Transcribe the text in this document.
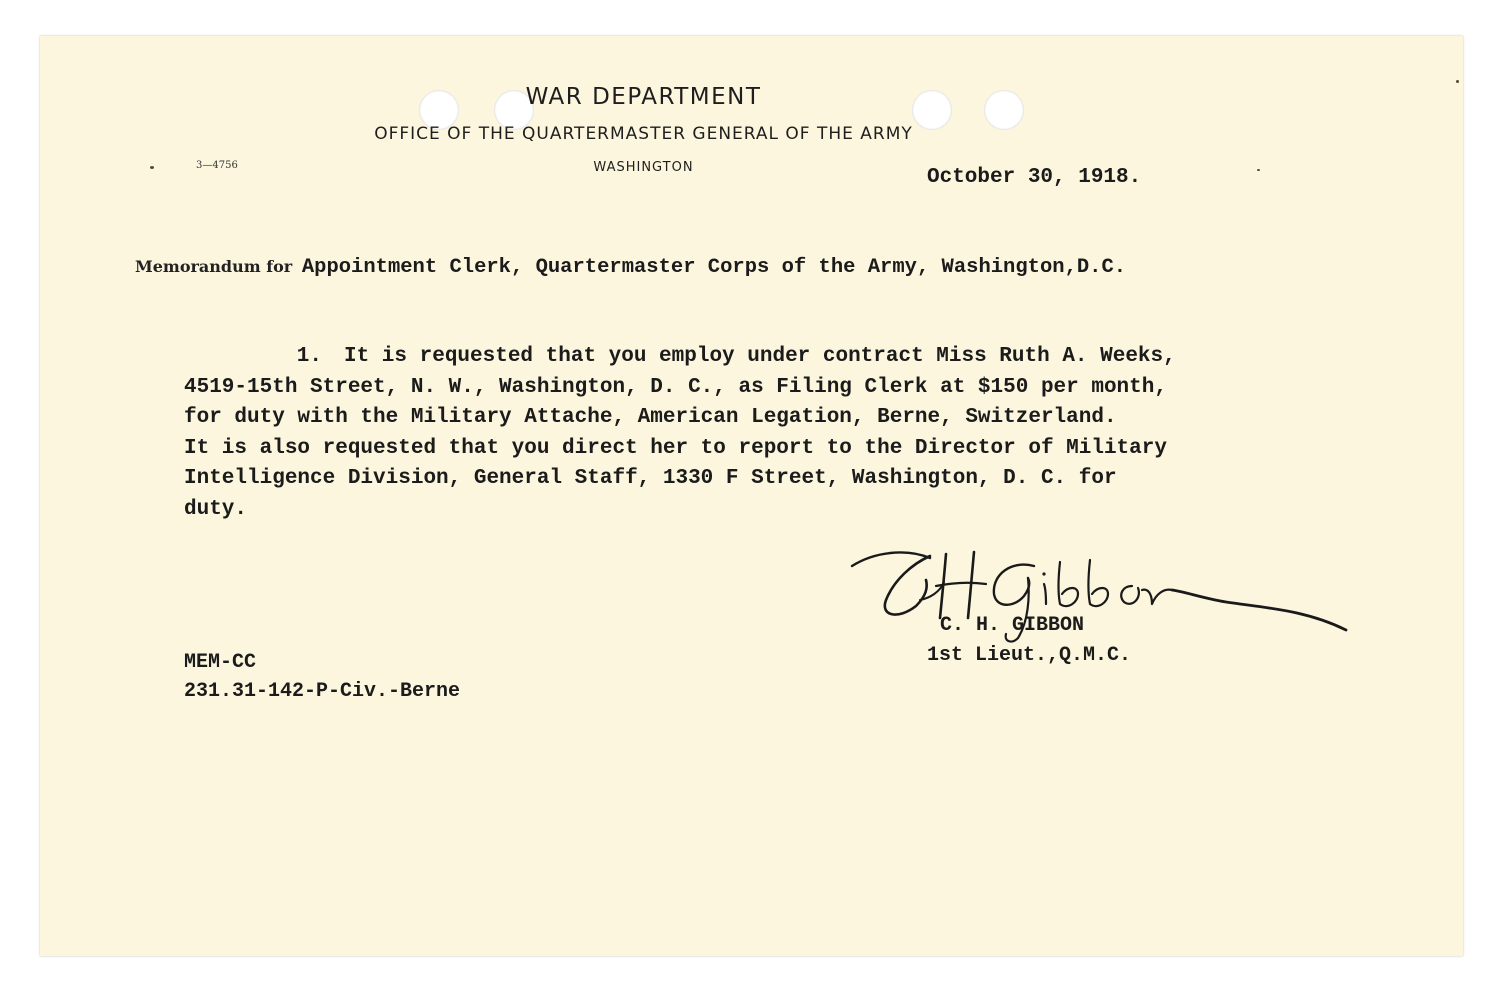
WAR DEPARTMENT
OFFICE OF THE QUARTERMASTER GENERAL OF THE ARMY
WASHINGTON
3—4756
October 30, 1918.
Memorandum for Appointment Clerk, Quartermaster Corps of the Army, Washington,D.C.
1. It is requested that you employ under contract Miss Ruth A. Weeks,
4519-15th Street, N. W., Washington, D. C., as Filing Clerk at $150 per month,
for duty with the Military Attache, American Legation, Berne, Switzerland.
It is also requested that you direct her to report to the Director of Military
Intelligence Division, General Staff, 1330 F Street, Washington, D. C. for
duty.
C. H. GIBBON
1st Lieut.,Q.M.C.
MEM-CC
231.31-142-P-Civ.-Berne
